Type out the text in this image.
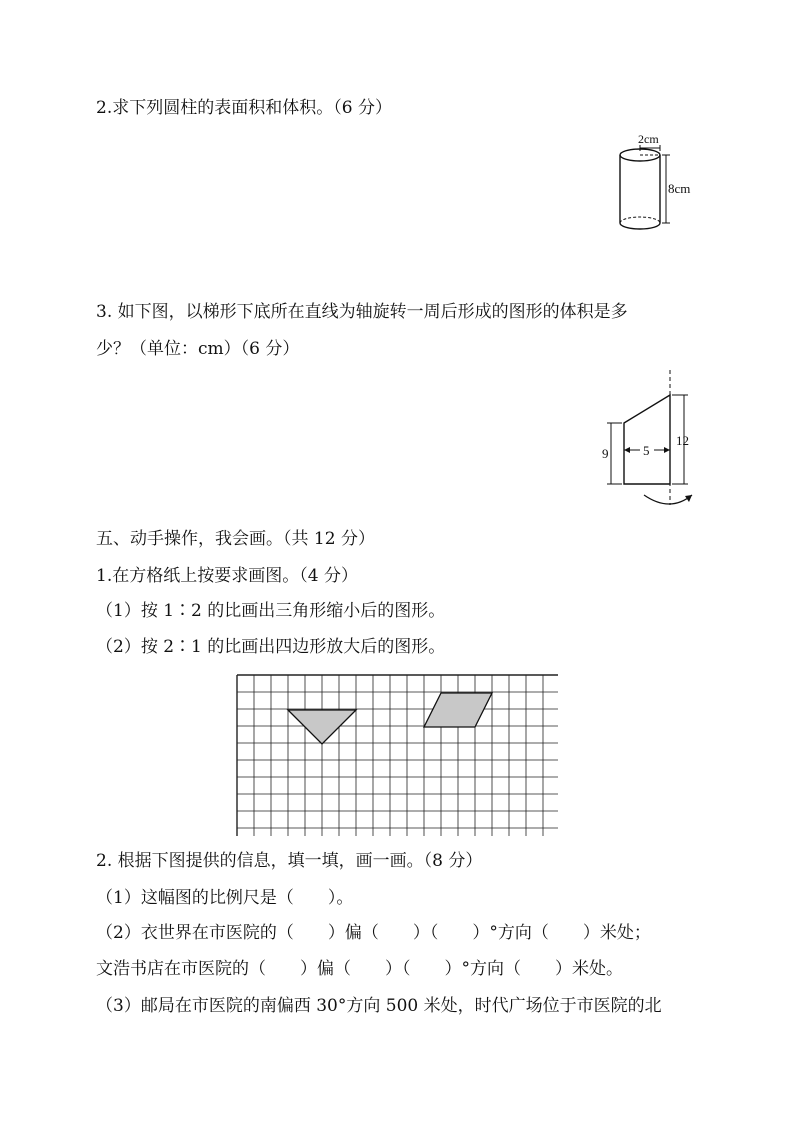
2.求下列圆柱的表面积和体积。（6 分）
2cm
8cm
3. 如下图，以梯形下底所在直线为轴旋转一周后形成的图形的体积是多
少？（单位：cm）（6 分）
9	5
12
五、动手操作，我会画。（共 12 分）
1.在方格纸上按要求画图。（4 分）
（1）按 1∶2 的比画出三角形缩小后的图形。
（2）按 2∶1 的比画出四边形放大后的图形。
2. 根据下图提供的信息，填一填，画一画。（8 分）
（1）这幅图的比例尺是（　　）。
（2）衣世界在市医院的（　　）偏（　　）（　　）°方向（　　）米处；
文浩书店在市医院的（　　）偏（　　）（　　）°方向（　　）米处。
（3）邮局在市医院的南偏西 30°方向 500 米处，时代广场位于市医院的北
